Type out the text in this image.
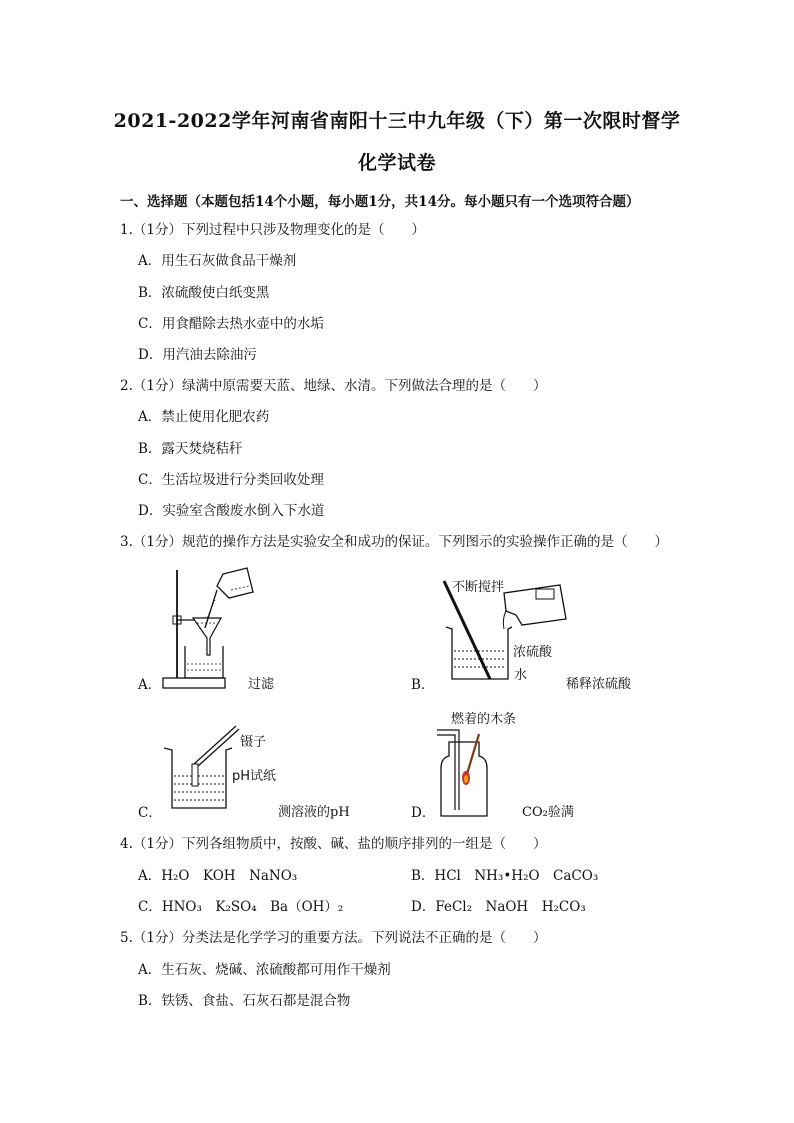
2021-2022学年河南省南阳十三中九年级（下）第一次限时督学
化学试卷
一、选择题（本题包括14个小题，每小题1分，共14分。每小题只有一个选项符合题）
1.（1分）下列过程中只涉及物理变化的是（　　）
A．用生石灰做食品干燥剂
B．浓硫酸使白纸变黑
C．用食醋除去热水壶中的水垢
D．用汽油去除油污
2.（1分）绿满中原需要天蓝、地绿、水清。下列做法合理的是（　　）
A．禁止使用化肥农药
B．露天焚烧秸秆
C．生活垃圾进行分类回收处理
D．实验室含酸废水倒入下水道
3.（1分）规范的操作方法是实验安全和成功的保证。下列图示的实验操作正确的是（　　）
A．	过滤
不断搅拌
浓硫酸
水
B．	稀释浓硫酸
镊子
pH试纸
C．	测溶液的pH
燃着的木条
D．	CO₂验满
4.（1分）下列各组物质中，按酸、碱、盐的顺序排列的一组是（　　）
A．H₂O　KOH　NaNO₃	B．HCl　NH₃•H₂O　CaCO₃
C．HNO₃　K₂SO₄　Ba（OH）₂	D．FeCl₂　NaOH　H₂CO₃
5.（1分）分类法是化学学习的重要方法。下列说法不正确的是（　　）
A．生石灰、烧碱、浓硫酸都可用作干燥剂
B．铁锈、食盐、石灰石都是混合物
